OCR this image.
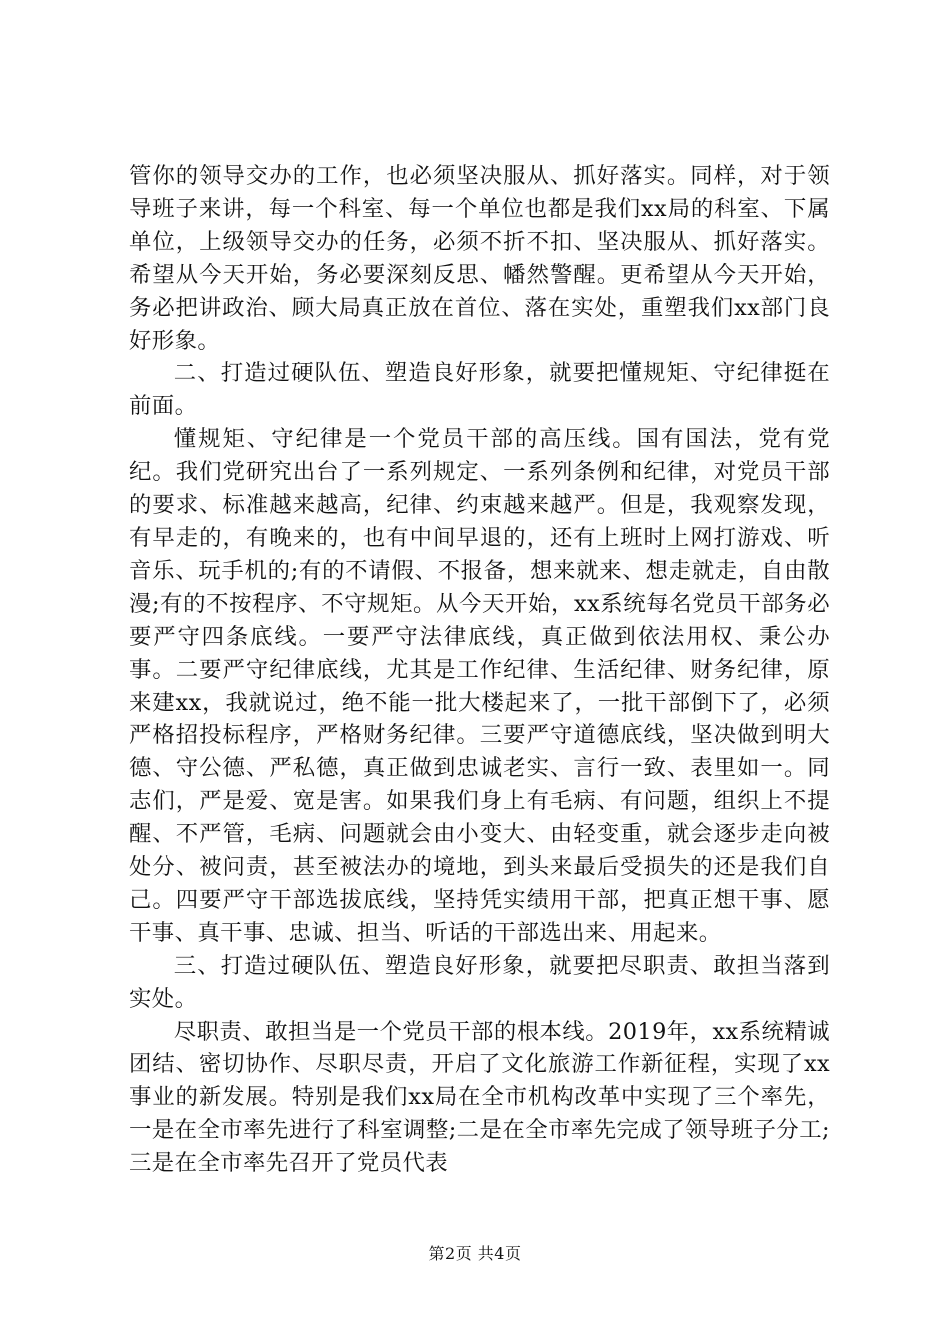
管你的领导交办的工作，也必须坚决服从、抓好落实。同样，对于领导班子来讲，每一个科室、每一个单位也都是我们xx局的科室、下属单位，上级领导交办的任务，必须不折不扣、坚决服从、抓好落实。希望从今天开始，务必要深刻反思、幡然警醒。更希望从今天开始，务必把讲政治、顾大局真正放在首位、落在实处，重塑我们xx部门良好形象。

二、打造过硬队伍、塑造良好形象，就要把懂规矩、守纪律挺在前面。

懂规矩、守纪律是一个党员干部的高压线。国有国法，党有党纪。我们党研究出台了一系列规定、一系列条例和纪律，对党员干部的要求、标准越来越高，纪律、约束越来越严。但是，我观察发现，有早走的，有晚来的，也有中间早退的，还有上班时上网打游戏、听音乐、玩手机的;有的不请假、不报备，想来就来、想走就走，自由散漫;有的不按程序、不守规矩。从今天开始，xx系统每名党员干部务必要严守四条底线。一要严守法律底线，真正做到依法用权、秉公办事。二要严守纪律底线，尤其是工作纪律、生活纪律、财务纪律，原来建xx，我就说过，绝不能一批大楼起来了，一批干部倒下了，必须严格招投标程序，严格财务纪律。三要严守道德底线，坚决做到明大德、守公德、严私德，真正做到忠诚老实、言行一致、表里如一。同志们，严是爱、宽是害。如果我们身上有毛病、有问题，组织上不提醒、不严管，毛病、问题就会由小变大、由轻变重，就会逐步走向被处分、被问责，甚至被法办的境地，到头来最后受损失的还是我们自己。四要严守干部选拔底线，坚持凭实绩用干部，把真正想干事、愿干事、真干事、忠诚、担当、听话的干部选出来、用起来。

三、打造过硬队伍、塑造良好形象，就要把尽职责、敢担当落到实处。

尽职责、敢担当是一个党员干部的根本线。2019年，xx系统精诚团结、密切协作、尽职尽责，开启了文化旅游工作新征程，实现了xx事业的新发展。特别是我们xx局在全市机构改革中实现了三个率先，一是在全市率先进行了科室调整;二是在全市率先完成了领导班子分工;三是在全市率先召开了党员代表

第2页 共4页
